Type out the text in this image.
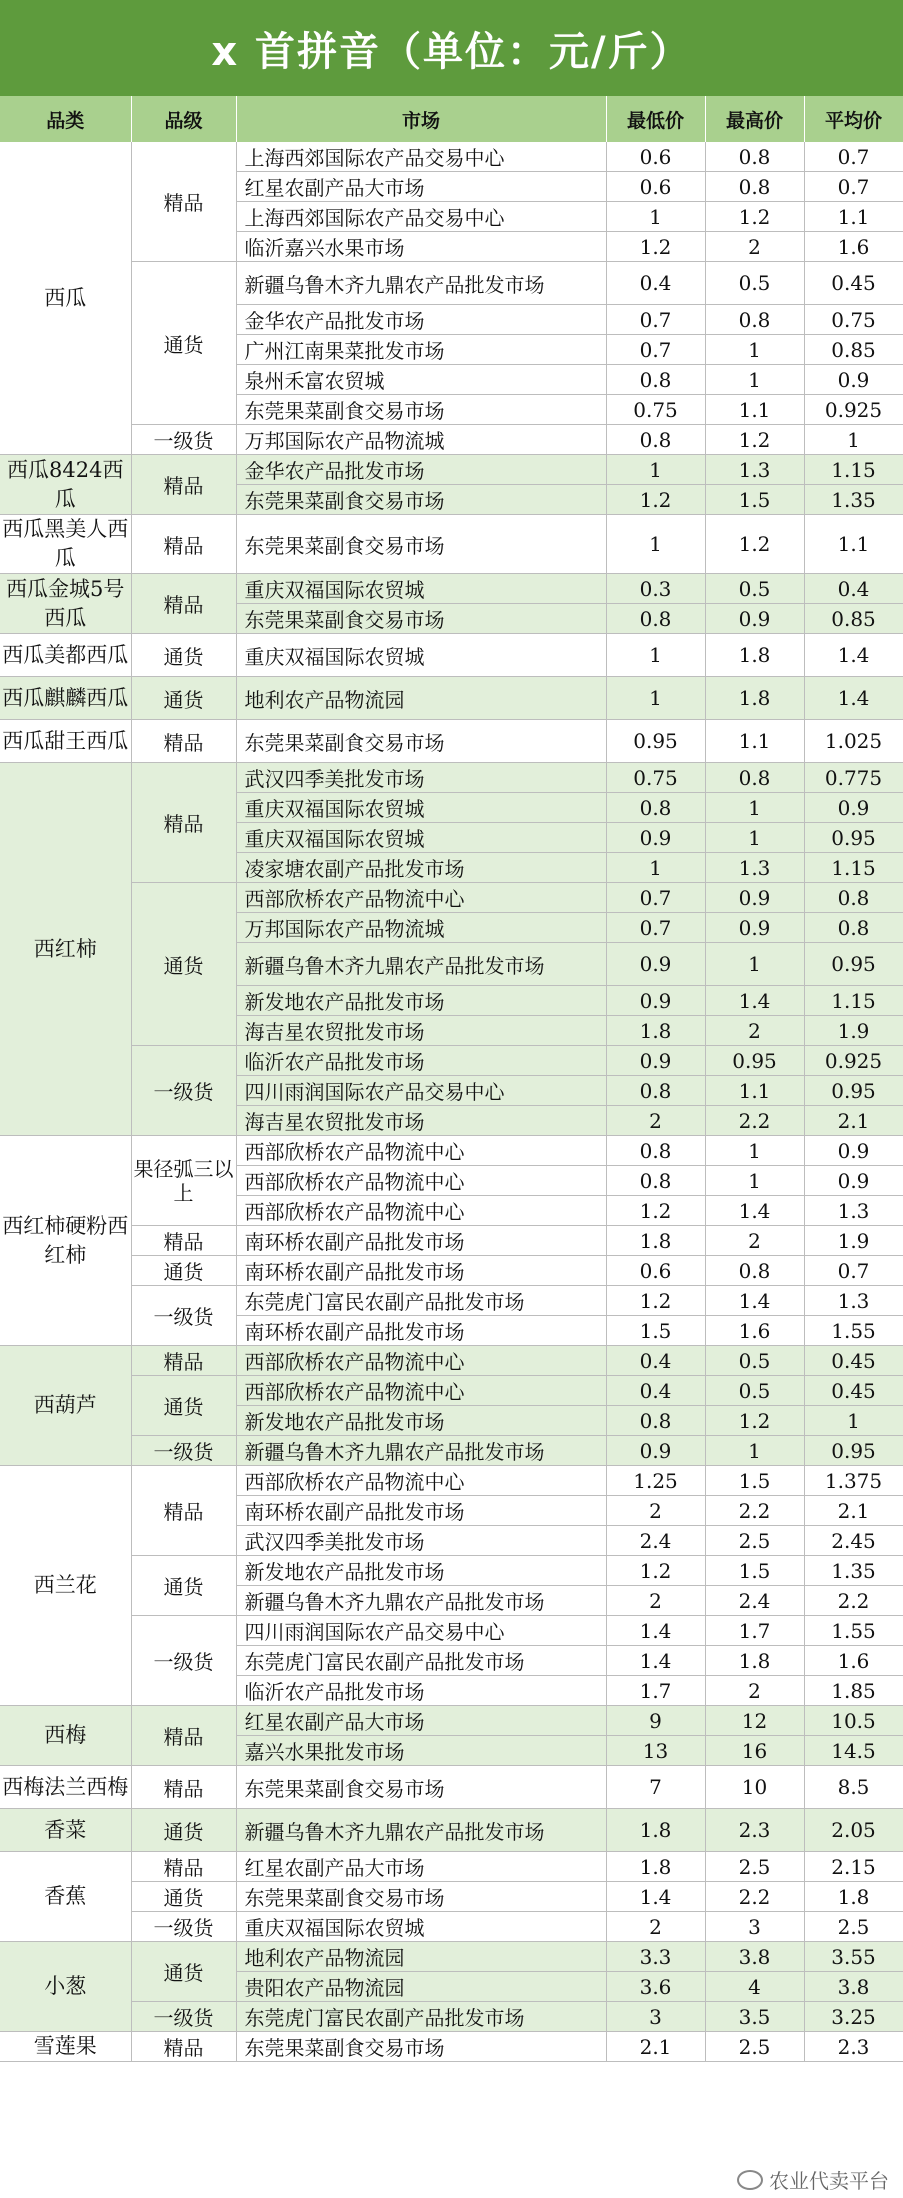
x 首拼音（单位：元/斤）
品类	品级	市场	最低价	最高价	平均价
西瓜	精品	上海西郊国际农产品交易中心	0.6	0.8	0.7
		红星农副产品大市场	0.6	0.8	0.7
		上海西郊国际农产品交易中心	1	1.2	1.1
		临沂嘉兴水果市场	1.2	2	1.6
	通货	新疆乌鲁木齐九鼎农产品批发市场	0.4	0.5	0.45
		金华农产品批发市场	0.7	0.8	0.75
		广州江南果菜批发市场	0.7	1	0.85
		泉州禾富农贸城	0.8	1	0.9
		东莞果菜副食交易市场	0.75	1.1	0.925
	一级货	万邦国际农产品物流城	0.8	1.2	1
西瓜8424西瓜	精品	金华农产品批发市场	1	1.3	1.15
		东莞果菜副食交易市场	1.2	1.5	1.35
西瓜黑美人西瓜	精品	东莞果菜副食交易市场	1	1.2	1.1
西瓜金城5号西瓜	精品	重庆双福国际农贸城	0.3	0.5	0.4
		东莞果菜副食交易市场	0.8	0.9	0.85
西瓜美都西瓜	通货	重庆双福国际农贸城	1	1.8	1.4
西瓜麒麟西瓜	通货	地利农产品物流园	1	1.8	1.4
西瓜甜王西瓜	精品	东莞果菜副食交易市场	0.95	1.1	1.025
西红柿	精品	武汉四季美批发市场	0.75	0.8	0.775
		重庆双福国际农贸城	0.8	1	0.9
		重庆双福国际农贸城	0.9	1	0.95
		凌家塘农副产品批发市场	1	1.3	1.15
	通货	西部欣桥农产品物流中心	0.7	0.9	0.8
		万邦国际农产品物流城	0.7	0.9	0.8
		新疆乌鲁木齐九鼎农产品批发市场	0.9	1	0.95
		新发地农产品批发市场	0.9	1.4	1.15
		海吉星农贸批发市场	1.8	2	1.9
	一级货	临沂农产品批发市场	0.9	0.95	0.925
		四川雨润国际农产品交易中心	0.8	1.1	0.95
		海吉星农贸批发市场	2	2.2	2.1
西红柿硬粉西红柿	果径弧三以上	西部欣桥农产品物流中心	0.8	1	0.9
		西部欣桥农产品物流中心	0.8	1	0.9
		西部欣桥农产品物流中心	1.2	1.4	1.3
	精品	南环桥农副产品批发市场	1.8	2	1.9
	通货	南环桥农副产品批发市场	0.6	0.8	0.7
	一级货	东莞虎门富民农副产品批发市场	1.2	1.4	1.3
		南环桥农副产品批发市场	1.5	1.6	1.55
西葫芦	精品	西部欣桥农产品物流中心	0.4	0.5	0.45
	通货	西部欣桥农产品物流中心	0.4	0.5	0.45
		新发地农产品批发市场	0.8	1.2	1
	一级货	新疆乌鲁木齐九鼎农产品批发市场	0.9	1	0.95
西兰花	精品	西部欣桥农产品物流中心	1.25	1.5	1.375
		南环桥农副产品批发市场	2	2.2	2.1
		武汉四季美批发市场	2.4	2.5	2.45
	通货	新发地农产品批发市场	1.2	1.5	1.35
		新疆乌鲁木齐九鼎农产品批发市场	2	2.4	2.2
	一级货	四川雨润国际农产品交易中心	1.4	1.7	1.55
		东莞虎门富民农副产品批发市场	1.4	1.8	1.6
		临沂农产品批发市场	1.7	2	1.85
西梅	精品	红星农副产品大市场	9	12	10.5
		嘉兴水果批发市场	13	16	14.5
西梅法兰西梅	精品	东莞果菜副食交易市场	7	10	8.5
香菜	通货	新疆乌鲁木齐九鼎农产品批发市场	1.8	2.3	2.05
香蕉	精品	红星农副产品大市场	1.8	2.5	2.15
	通货	东莞果菜副食交易市场	1.4	2.2	1.8
	一级货	重庆双福国际农贸城	2	3	2.5
小葱	通货	地利农产品物流园	3.3	3.8	3.55
		贵阳农产品物流园	3.6	4	3.8
	一级货	东莞虎门富民农副产品批发市场	3	3.5	3.25
雪莲果	精品	东莞果菜副食交易市场	2.1	2.5	2.3
农业代卖平台
